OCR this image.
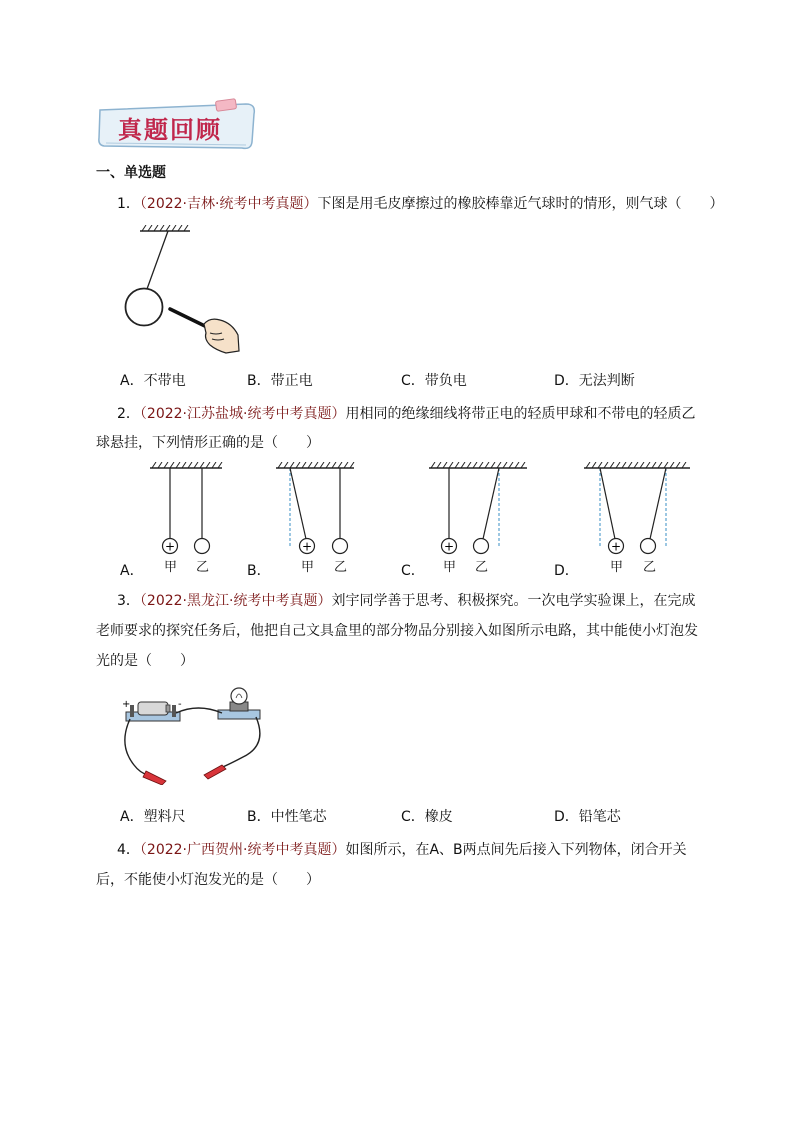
真题回顾
一、单选题
1．（2022·吉林·统考中考真题）下图是用毛皮摩擦过的橡胶棒靠近气球时的情形，则气球（　　）
A．不带电	B．带正电	C．带负电	D．无法判断
2．（2022·江苏盐城·统考中考真题）用相同的绝缘细线将带正电的轻质甲球和不带电的轻质乙
球悬挂，下列情形正确的是（　　）
+	+	+	+
A．	B．	C．	D．
甲 乙	甲 乙	甲 乙	甲 乙
3．（2022·黑龙江·统考中考真题）刘宇同学善于思考、积极探究。一次电学实验课上，在完成
老师要求的探究任务后，他把自己文具盒里的部分物品分别接入如图所示电路，其中能使小灯泡发
光的是（　　）
+	-
A．塑料尺	B．中性笔芯	C．橡皮	D．铅笔芯
4．（2022·广西贺州·统考中考真题）如图所示，在A、B两点间先后接入下列物体，闭合开关
后，不能使小灯泡发光的是（　　）
